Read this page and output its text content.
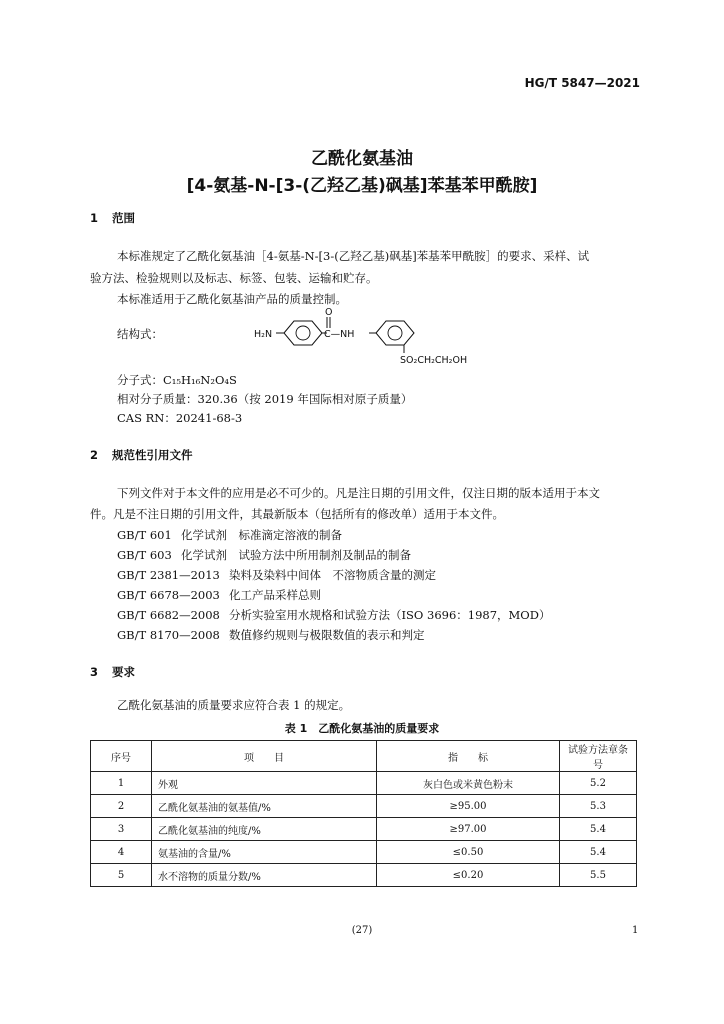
HG/T 5847—2021
乙酰化氨基油
[4-氨基-N-[3-(乙羟乙基)砜基]苯基苯甲酰胺]
1 范围
本标准规定了乙酰化氨基油［4-氨基-N-[3-(乙羟乙基)砜基]苯基苯甲酰胺］的要求、采样、试
验方法、检验规则以及标志、标签、包装、运输和贮存。
本标准适用于乙酰化氨基油产品的质量控制。
结构式：	H₂N
O
C—NH
SO₂CH₂CH₂OH
分子式：C₁₅H₁₆N₂O₄S
相对分子质量：320.36（按 2019 年国际相对原子质量）
CAS RN：20241-68-3
2 规范性引用文件
下列文件对于本文件的应用是必不可少的。凡是注日期的引用文件，仅注日期的版本适用于本文
件。凡是不注日期的引用文件，其最新版本（包括所有的修改单）适用于本文件。
GB/T 601 化学试剂　标准滴定溶液的制备
GB/T 603 化学试剂　试验方法中所用制剂及制品的制备
GB/T 2381—2013 染料及染料中间体　不溶物质含量的测定
GB/T 6678—2003 化工产品采样总则
GB/T 6682—2008 分析实验室用水规格和试验方法（ISO 3696：1987，MOD）
GB/T 8170—2008 数值修约规则与极限数值的表示和判定
3 要求
乙酰化氨基油的质量要求应符合表 1 的规定。
表 1　乙酰化氨基油的质量要求
序号	项　　目	指　　标	试验方法章条号
1	外观	灰白色或米黄色粉末	5.2
2	乙酰化氨基油的氨基值/%	≥95.00	5.3
3	乙酰化氨基油的纯度/%	≥97.00	5.4
4	氨基油的含量/%	≤0.50	5.4
5	水不溶物的质量分数/%	≤0.20	5.5
(27)	1
